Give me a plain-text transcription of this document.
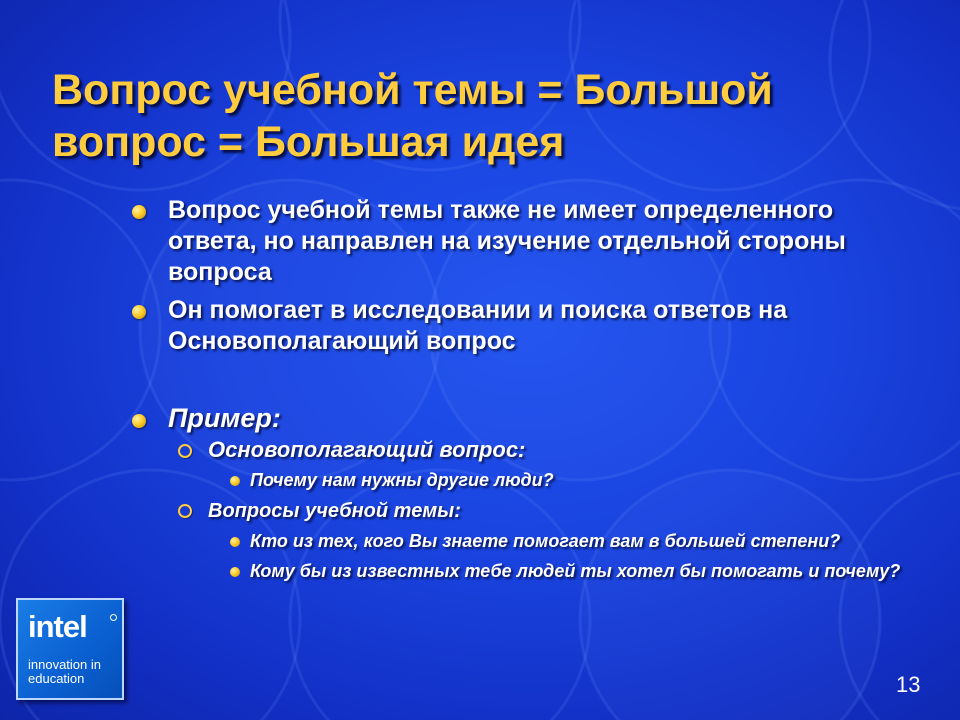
Вопрос учебной темы = Большой вопрос = Большая идея
Вопрос учебной темы также не имеет определенного ответа, но направлен на изучение отдельной стороны вопроса
Он помогает в исследовании и поиска ответов на Основополагающий вопрос
Пример:
Основополагающий вопрос:
Почему нам нужны другие люди?
Вопросы учебной темы:
Кто из тех, кого Вы знаете помогает вам в большей степени?
Кому бы из известных тебе людей ты хотел бы помогать и почему?
intel
innovation in education	13
